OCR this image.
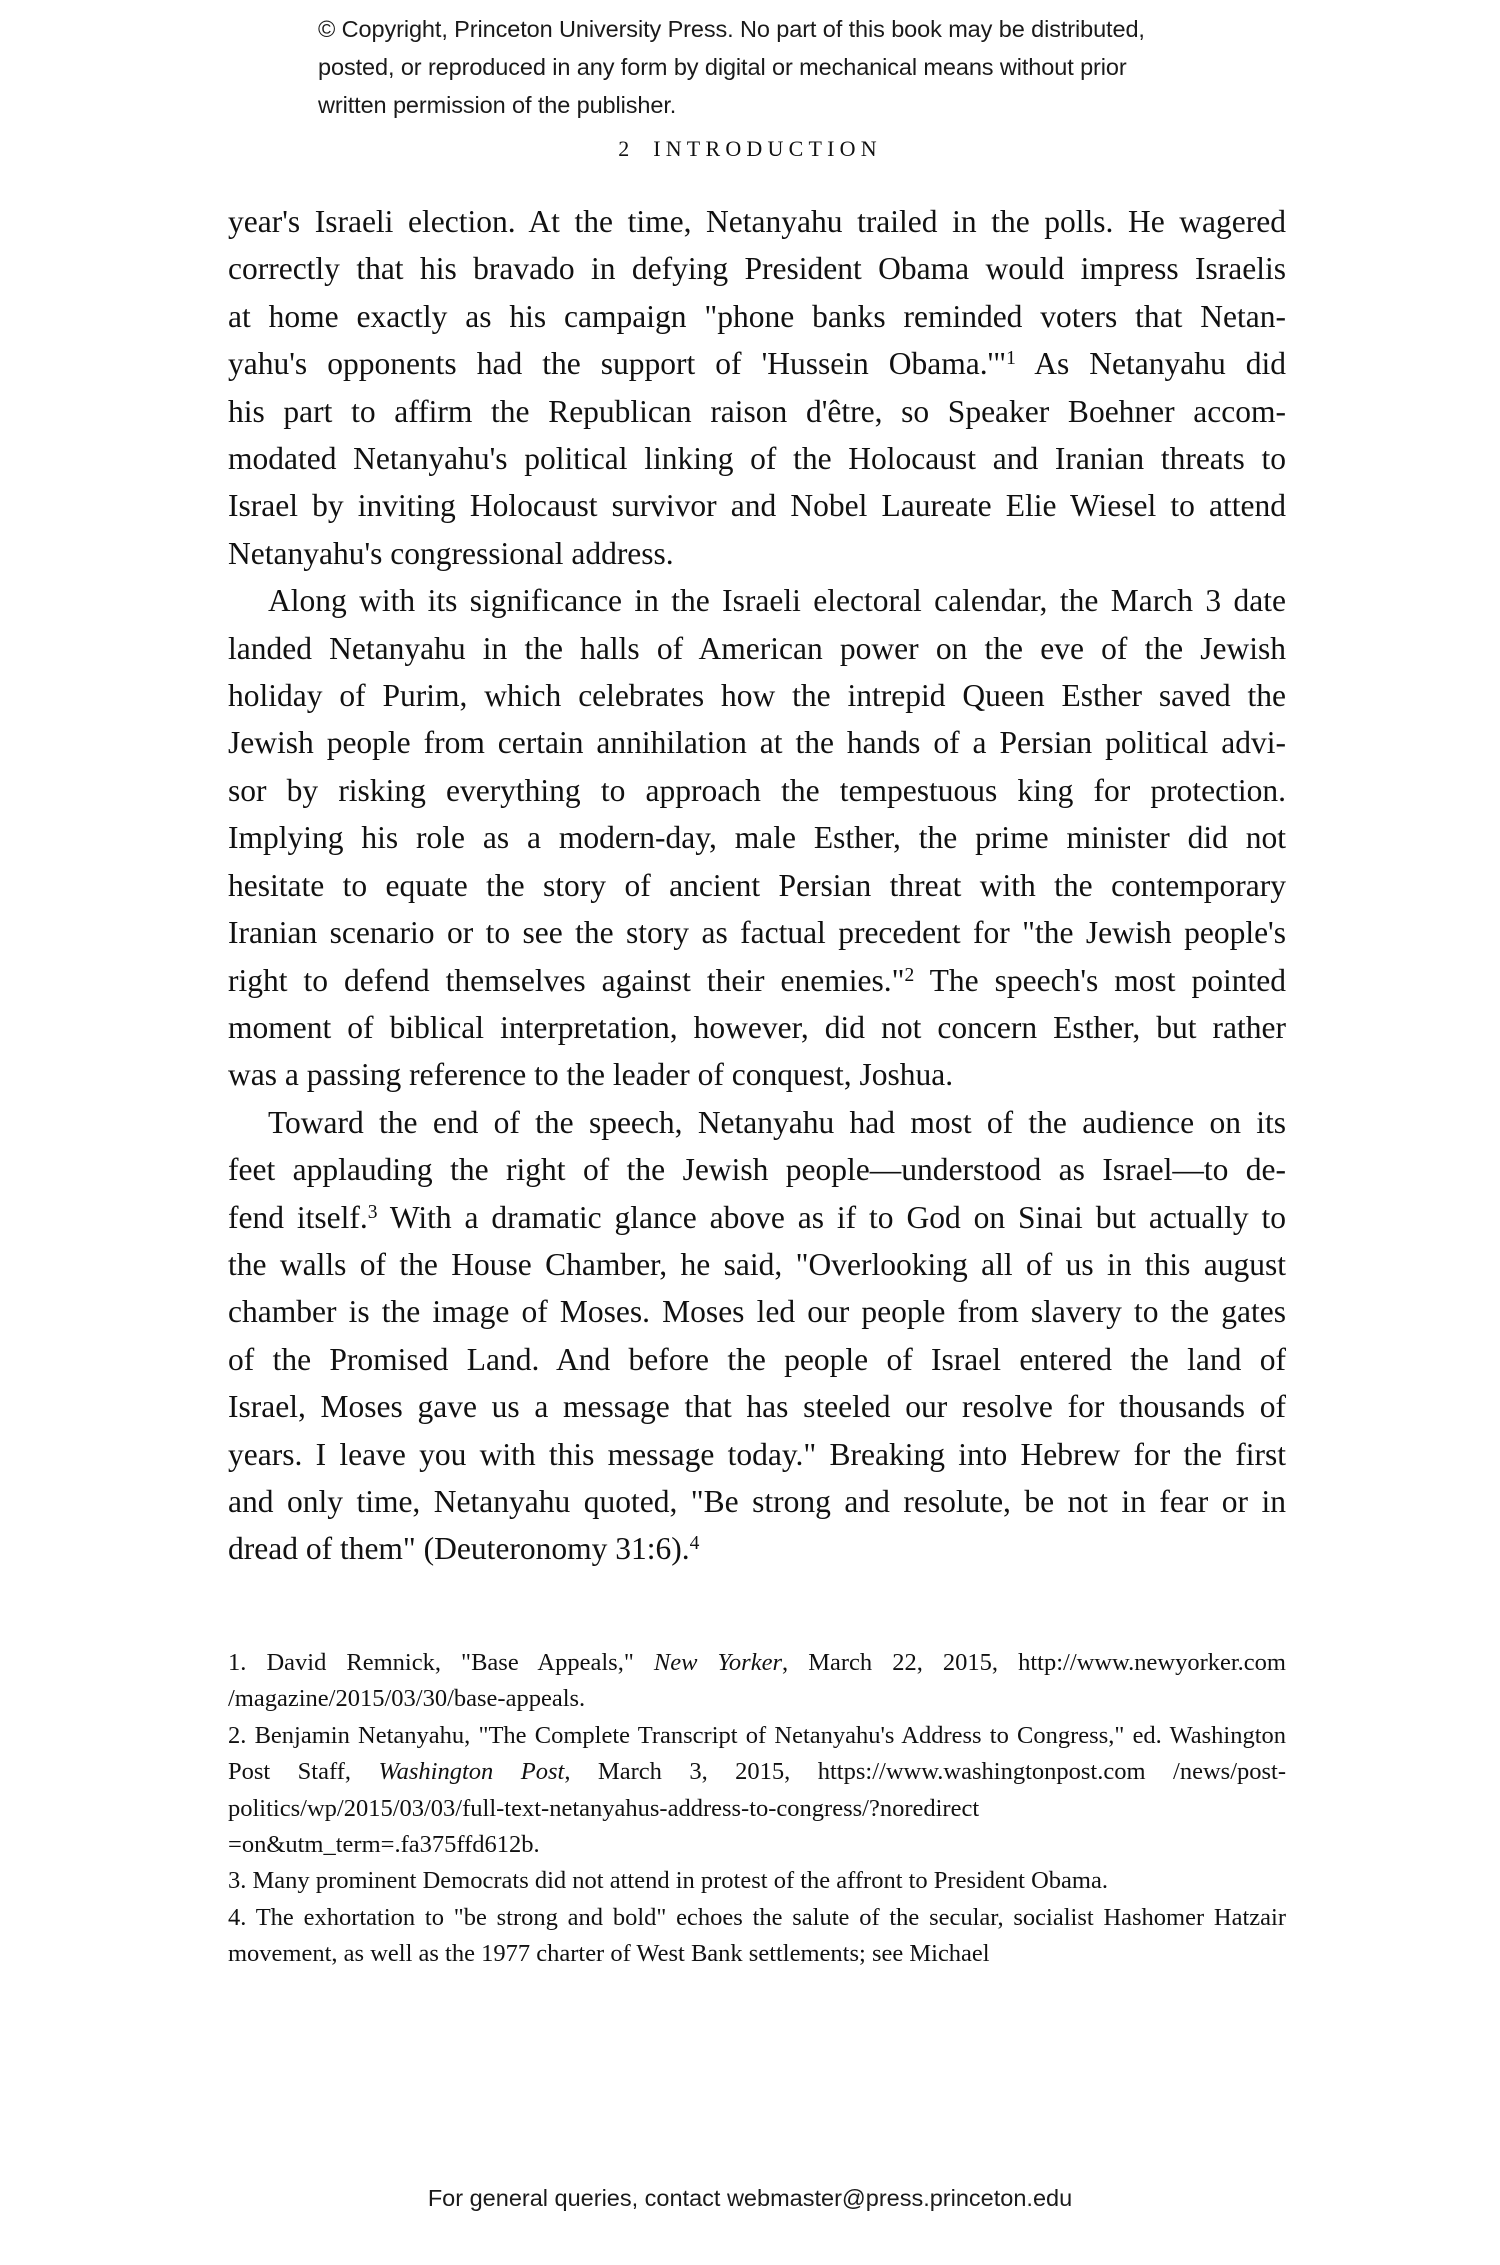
© Copyright, Princeton University Press. No part of this book may be distributed, posted, or reproduced in any form by digital or mechanical means without prior written permission of the publisher.
2 INTRODUCTION

year's Israeli election. At the time, Netanyahu trailed in the polls. He wagered
correctly that his bravado in defying President Obama would impress Israelis
at home exactly as his campaign "phone banks reminded voters that Netan-
yahu's opponents had the support of 'Hussein Obama.'"$^1$ As Netanyahu did
his part to affirm the Republican raison d'être, so Speaker Boehner accom-
modated Netanyahu's political linking of the Holocaust and Iranian threats to
Israel by inviting Holocaust survivor and Nobel Laureate Elie Wiesel to attend
Netanyahu's congressional address.

Along with its significance in the Israeli electoral calendar, the March 3 date
landed Netanyahu in the halls of American power on the eve of the Jewish
holiday of Purim, which celebrates how the intrepid Queen Esther saved the
Jewish people from certain annihilation at the hands of a Persian political advi-
sor by risking everything to approach the tempestuous king for protection.
Implying his role as a modern-day, male Esther, the prime minister did not
hesitate to equate the story of ancient Persian threat with the contemporary
Iranian scenario or to see the story as factual precedent for "the Jewish people's
right to defend themselves against their enemies."$^2$ The speech's most pointed
moment of biblical interpretation, however, did not concern Esther, but rather
was a passing reference to the leader of conquest, Joshua.

Toward the end of the speech, Netanyahu had most of the audience on its
feet applauding the right of the Jewish people—understood as Israel—to de-
fend itself.$^3$ With a dramatic glance above as if to God on Sinai but actually to
the walls of the House Chamber, he said, "Overlooking all of us in this august
chamber is the image of Moses. Moses led our people from slavery to the gates
of the Promised Land. And before the people of Israel entered the land of
Israel, Moses gave us a message that has steeled our resolve for thousands of
years. I leave you with this message today." Breaking into Hebrew for the first
and only time, Netanyahu quoted, "Be strong and resolute, be not in fear or in
dread of them" (Deuteronomy 31:6).$^4$

1. David Remnick, "Base Appeals," New Yorker, March 22, 2015, http://www.newyorker.com /magazine/2015/03/30/base-appeals.

2. Benjamin Netanyahu, "The Complete Transcript of Netanyahu's Address to Congress," ed. Washington Post Staff, Washington Post, March 3, 2015, https://www.washingtonpost.com /news/post-politics/wp/2015/03/03/full-text-netanyahus-address-to-congress/?noredirect =on&utm_term=.fa375ffd612b.

3. Many prominent Democrats did not attend in protest of the affront to President Obama.

4. The exhortation to "be strong and bold" echoes the salute of the secular, socialist Hashomer Hatzair movement, as well as the 1977 charter of West Bank settlements; see Michael

For general queries, contact webmaster@press.princeton.edu
